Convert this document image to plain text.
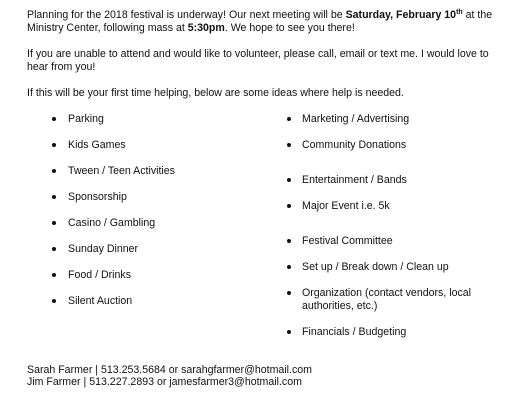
Planning for the 2018 festival is underway! Our next meeting will be Saturday, February 10th at the Ministry Center, following mass at 5:30pm. We hope to see you there!

If you are unable to attend and would like to volunteer, please call, email or text me. I would love to hear from you!

If this will be your first time helping, below are some ideas where help is needed.

Parking
Kids Games
Tween / Teen Activities
Sponsorship
Casino / Gambling
Sunday Dinner
Food / Drinks
Silent Auction
Marketing / Advertising
Community Donations
Entertainment / Bands
Major Event i.e. 5k
Festival Committee
Set up / Break down / Clean up
Organization (contact vendors, local authorities, etc.)
Financials / Budgeting

Sarah Farmer | 513.253.5684 or sarahgfarmer@hotmail.com

Jim Farmer | 513.227.2893 or jamesfarmer3@hotmail.com
